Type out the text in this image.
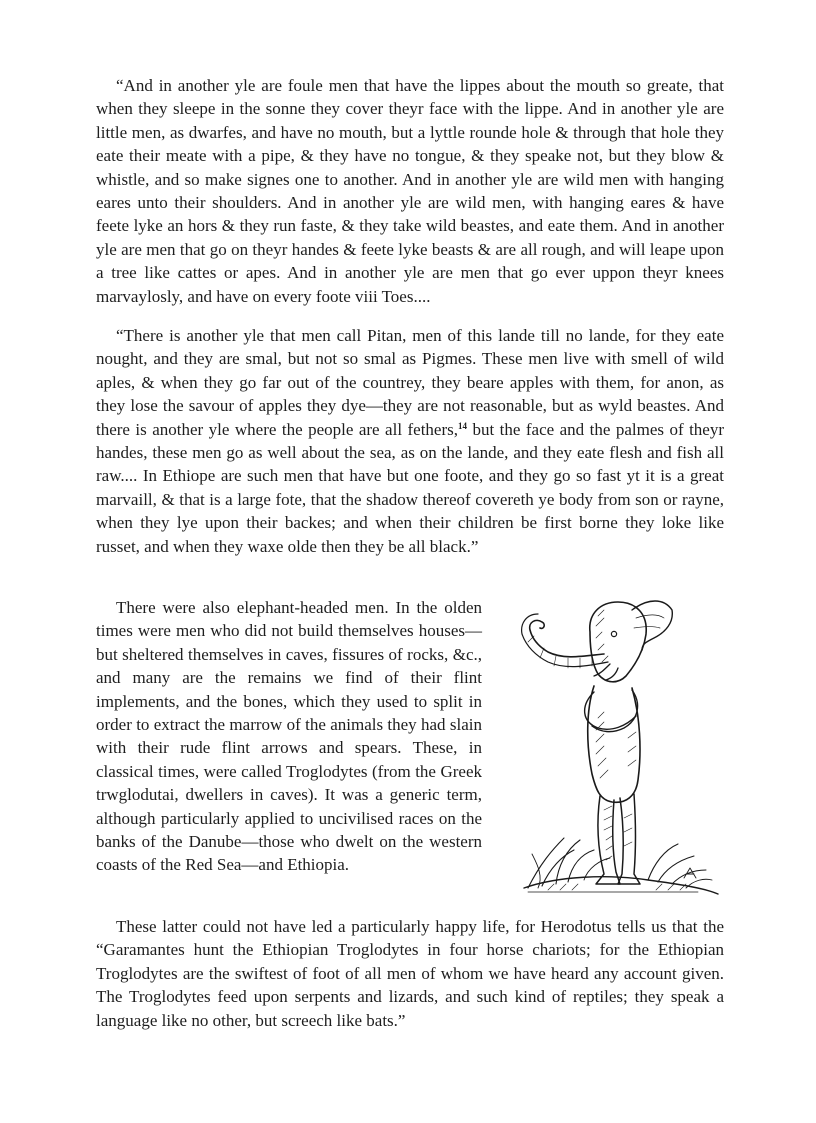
“And in another yle are foule men that have the lippes about the mouth so greate, that when they sleepe in the sonne they cover theyr face with the lippe. And in another yle are little men, as dwarfes, and have no mouth, but a lyttle rounde hole & through that hole they eate their meate with a pipe, & they have no tongue, & they speake not, but they blow & whistle, and so make signes one to another. And in another yle are wild men with hanging eares unto their shoulders. And in another yle are wild men, with hanging eares & have feete lyke an hors & they run faste, & they take wild beastes, and eate them. And in another yle are men that go on theyr handes & feete lyke beasts & are all rough, and will leape upon a tree like cattes or apes. And in another yle are men that go ever uppon theyr knees marvaylosly, and have on every foote viii Toes....

“There is another yle that men call Pitan, men of this lande till no lande, for they eate nought, and they are smal, but not so smal as Pigmes. These men live with smell of wild aples, & when they go far out of the countrey, they beare apples with them, for anon, as they lose the savour of apples they dye—they are not reasonable, but as wyld beastes. And there is another yle where the people are all fethers,$^{14}$ but the face and the palmes of theyr handes, these men go as well about the sea, as on the lande, and they eate flesh and fish all raw.... In Ethiope are such men that have but one foote, and they go so fast yt it is a great marvaill, & that is a large fote, that the shadow thereof covereth ye body from son or rayne, when they lye upon their backes; and when their children be first borne they loke like russet, and when they waxe olde then they be all black.”

There were also elephant-headed men. In the olden times were men who did not build themselves houses—but sheltered themselves in caves, fissures of rocks, &c., and many are the remains we find of their flint implements, and the bones, which they used to split in order to extract the marrow of the animals they had slain with their rude flint arrows and spears. These, in classical times, were called Troglodytes (from the Greek trwglodutai, dwellers in caves). It was a generic term, although particularly applied to uncivilised races on the banks of the Danube—those who dwelt on the western coasts of the Red Sea—and Ethiopia.

These latter could not have led a particularly happy life, for Herodotus tells us that the “Garamantes hunt the Ethiopian Troglodytes in four horse chariots; for the Ethiopian Troglodytes are the swiftest of foot of all men of whom we have heard any account given. The Troglodytes feed upon serpents and lizards, and such kind of reptiles; they speak a language like no other, but screech like bats.”
